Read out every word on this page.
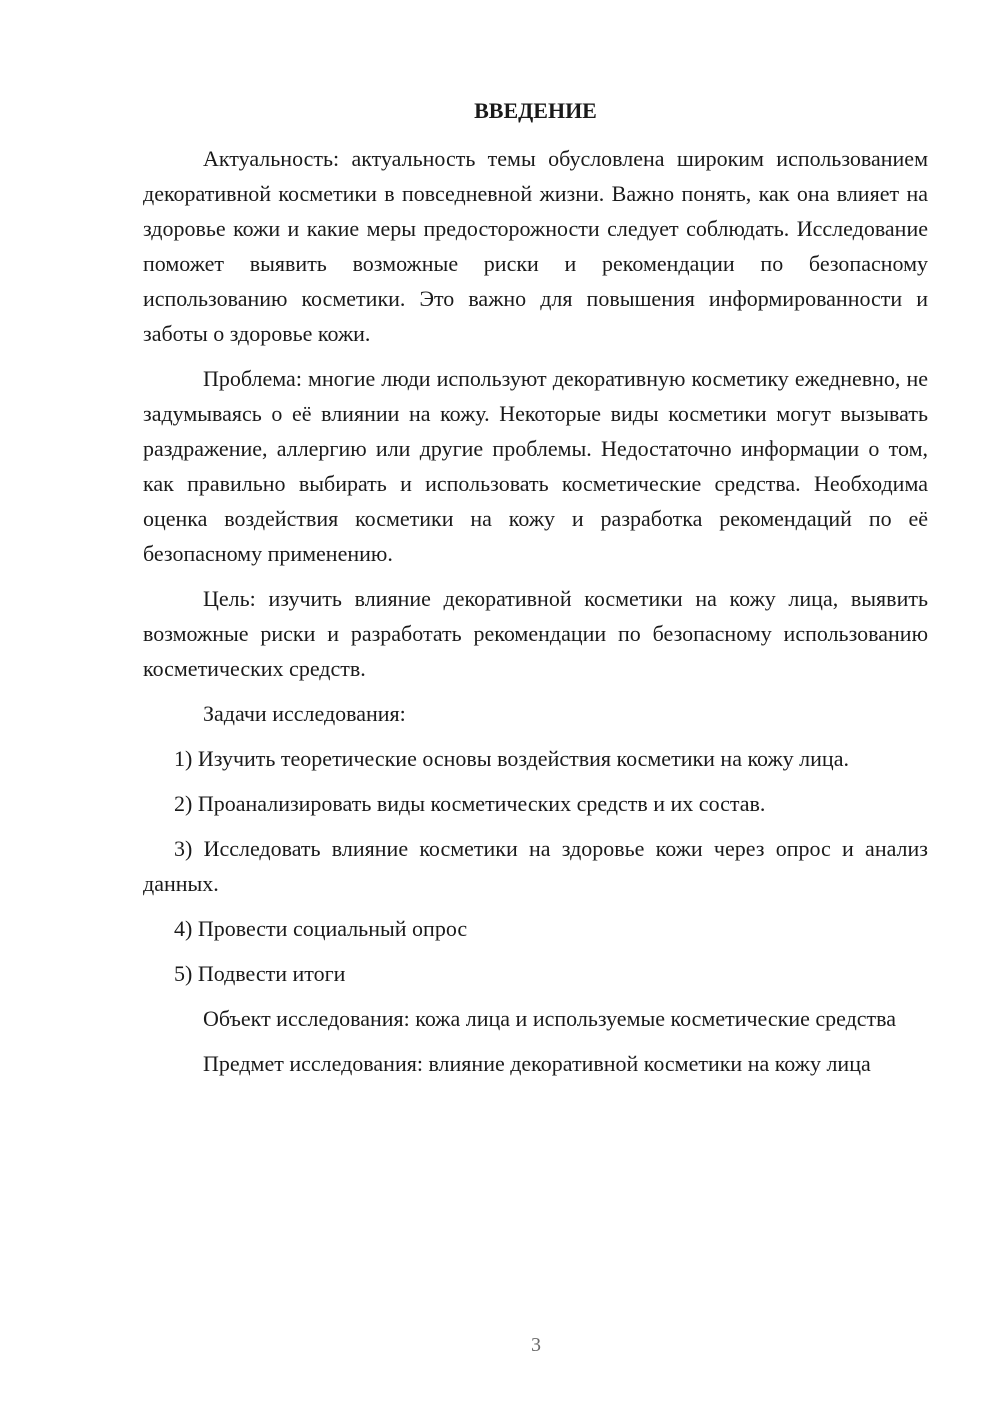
ВВЕДЕНИЕ

Актуальность: актуальность темы обусловлена широким использованием декоративной косметики в повседневной жизни. Важно понять, как она влияет на здоровье кожи и какие меры предосторожности следует соблюдать. Исследование поможет выявить возможные риски и рекомендации по безопасному использованию косметики. Это важно для повышения информированности и заботы о здоровье кожи.

Проблема: многие люди используют декоративную косметику ежедневно, не задумываясь о её влиянии на кожу. Некоторые виды косметики могут вызывать раздражение, аллергию или другие проблемы. Недостаточно информации о том, как правильно выбирать и использовать косметические средства. Необходима оценка воздействия косметики на кожу и разработка рекомендаций по её безопасному применению.

Цель: изучить влияние декоративной косметики на кожу лица, выявить возможные риски и разработать рекомендации по безопасному использованию косметических средств.

Задачи исследования:

1) Изучить теоретические основы воздействия косметики на кожу лица.

2) Проанализировать виды косметических средств и их состав.

3) Исследовать влияние косметики на здоровье кожи через опрос и анализ данных.

4) Провести социальный опрос

5) Подвести итоги

Объект исследования: кожа лица и используемые косметические средства

Предмет исследования: влияние декоративной косметики на кожу лица

3
